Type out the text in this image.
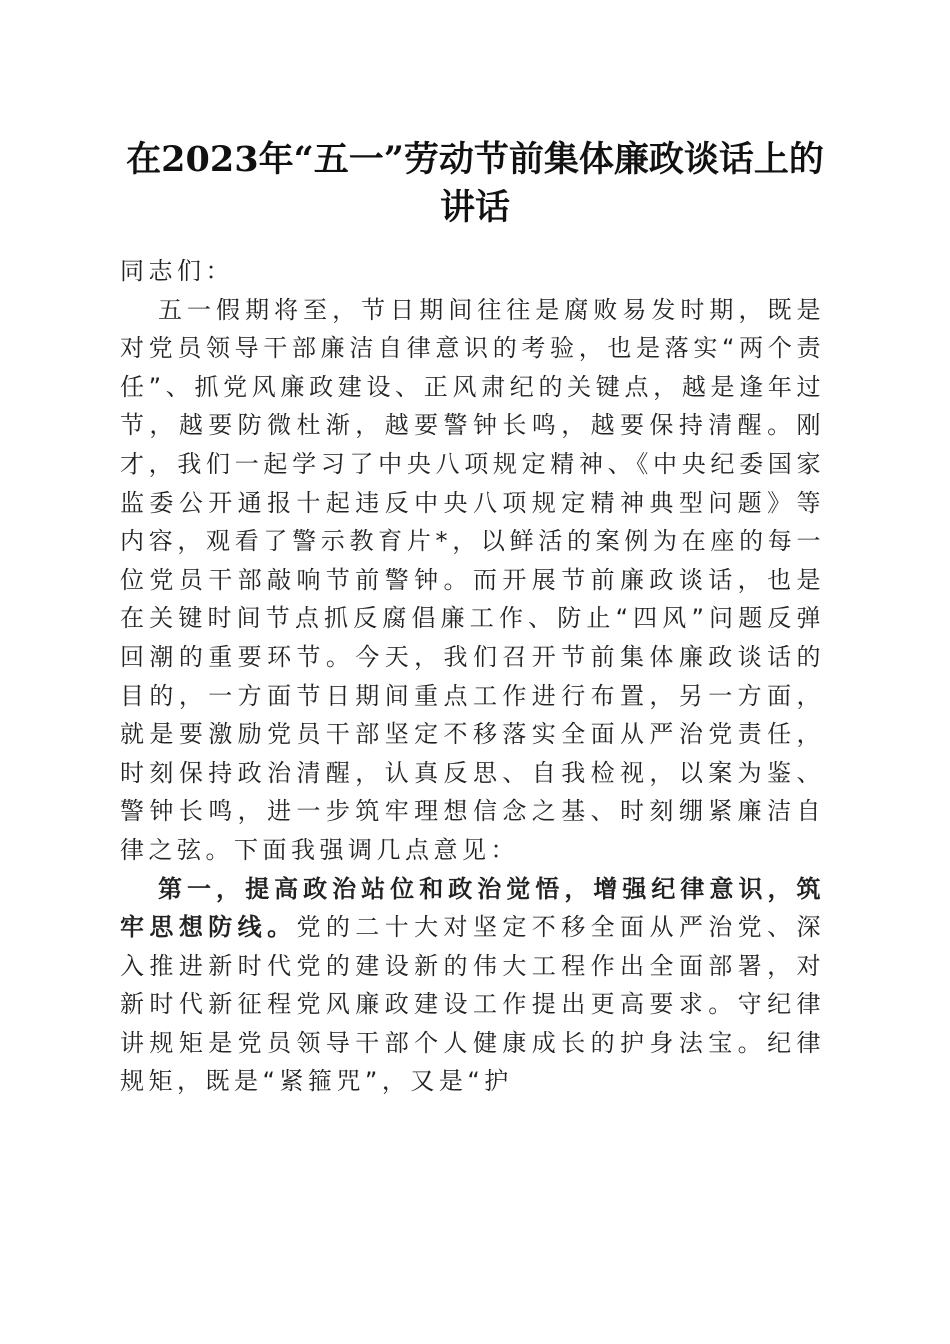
在2023年“五一”劳动节前集体廉政谈话上的讲话

同志们：

五一假期将至，节日期间往往是腐败易发时期，既是对党员领导干部廉洁自律意识的考验，也是落实“两个责任”、抓党风廉政建设、正风肃纪的关键点，越是逢年过节，越要防微杜渐，越要警钟长鸣，越要保持清醒。刚才，我们一起学习了中央八项规定精神、《中央纪委国家监委公开通报十起违反中央八项规定精神典型问题》等内容，观看了警示教育片*，以鲜活的案例为在座的每一位党员干部敲响节前警钟。而开展节前廉政谈话，也是在关键时间节点抓反腐倡廉工作、防止“四风”问题反弹回潮的重要环节。今天，我们召开节前集体廉政谈话的目的，一方面节日期间重点工作进行布置，另一方面，就是要激励党员干部坚定不移落实全面从严治党责任，时刻保持政治清醒，认真反思、自我检视，以案为鉴、警钟长鸣，进一步筑牢理想信念之基、时刻绷紧廉洁自律之弦。下面我强调几点意见：

第一，提高政治站位和政治觉悟，增强纪律意识，筑牢思想防线。党的二十大对坚定不移全面从严治党、深入推进新时代党的建设新的伟大工程作出全面部署，对新时代新征程党风廉政建设工作提出更高要求。守纪律讲规矩是党员领导干部个人健康成长的护身法宝。纪律规矩，既是“紧箍咒”，又是“护
